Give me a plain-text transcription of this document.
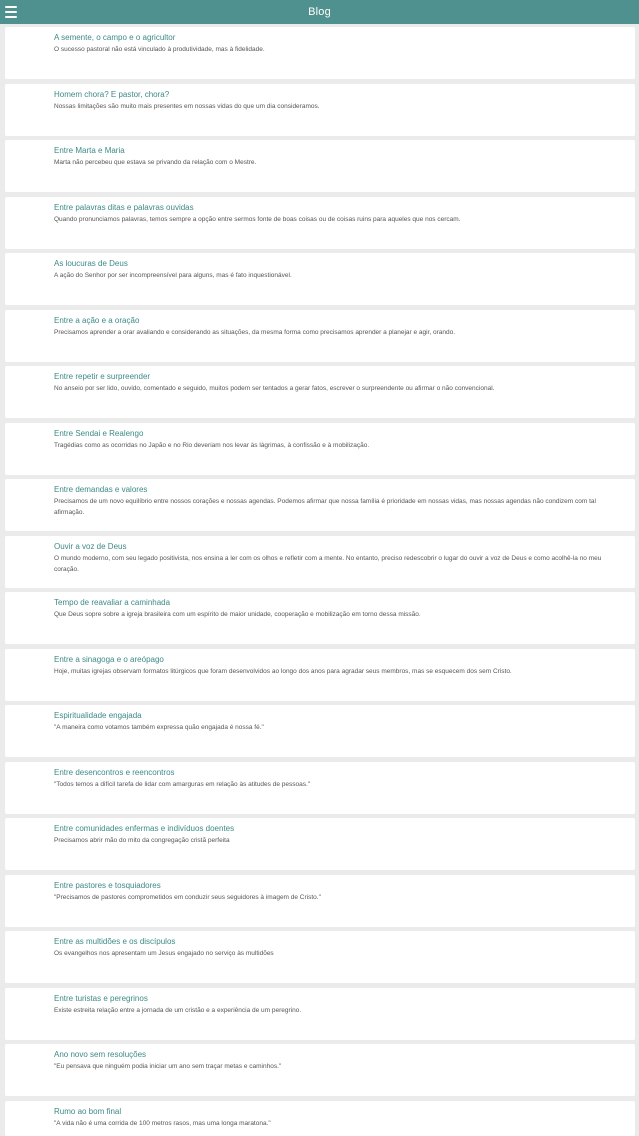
Blog
A semente, o campo e o agricultor
O sucesso pastoral não está vinculado à produtividade, mas à fidelidade.
Homem chora? E pastor, chora?
Nossas limitações são muito mais presentes em nossas vidas do que um dia consideramos.
Entre Marta e Maria
Marta não percebeu que estava se privando da relação com o Mestre.
Entre palavras ditas e palavras ouvidas
Quando pronunciamos palavras, temos sempre a opção entre sermos fonte de boas coisas ou de coisas ruins para aqueles que nos cercam.
As loucuras de Deus
A ação do Senhor por ser incompreensível para alguns, mas é fato inquestionável.
Entre a ação e a oração
Precisamos aprender a orar avaliando e considerando as situações, da mesma forma como precisamos aprender a planejar e agir, orando.
Entre repetir e surpreender
No anseio por ser lido, ouvido, comentado e seguido, muitos podem ser tentados a gerar fatos, escrever o surpreendente ou afirmar o não convencional.
Entre Sendai e Realengo
Tragédias como as ocorridas no Japão e no Rio deveriam nos levar às lágrimas, à confissão e à mobilização.
Entre demandas e valores
Precisamos de um novo equilíbrio entre nossos corações e nossas agendas. Podemos afirmar que nossa família é prioridade em nossas vidas, mas nossas agendas não condizem com tal afirmação.
Ouvir a voz de Deus
O mundo moderno, com seu legado positivista, nos ensina a ler com os olhos e refletir com a mente. No entanto, preciso redescobrir o lugar do ouvir a voz de Deus e como acolhê-la no meu coração.
Tempo de reavaliar a caminhada
Que Deus sopre sobre a igreja brasileira com um espírito de maior unidade, cooperação e mobilização em torno dessa missão.
Entre a sinagoga e o areópago
Hoje, muitas igrejas observam formatos litúrgicos que foram desenvolvidos ao longo dos anos para agradar seus membros, mas se esquecem dos sem Cristo.
Espiritualidade engajada
"A maneira como votamos também expressa quão engajada é nossa fé."
Entre desencontros e reencontros
"Todos temos a difícil tarefa de lidar com amarguras em relação às atitudes de pessoas."
Entre comunidades enfermas e indivíduos doentes
Precisamos abrir mão do mito da congregação cristã perfeita
Entre pastores e tosquiadores
"Precisamos de pastores comprometidos em conduzir seus seguidores à imagem de Cristo."
Entre as multidões e os discípulos
Os evangelhos nos apresentam um Jesus engajado no serviço às multidões
Entre turistas e peregrinos
Existe estreita relação entre a jornada de um cristão e a experiência de um peregrino.
Ano novo sem resoluções
"Eu pensava que ninguém podia iniciar um ano sem traçar metas e caminhos."
Rumo ao bom final
"A vida não é uma corrida de 100 metros rasos, mas uma longa maratona."
